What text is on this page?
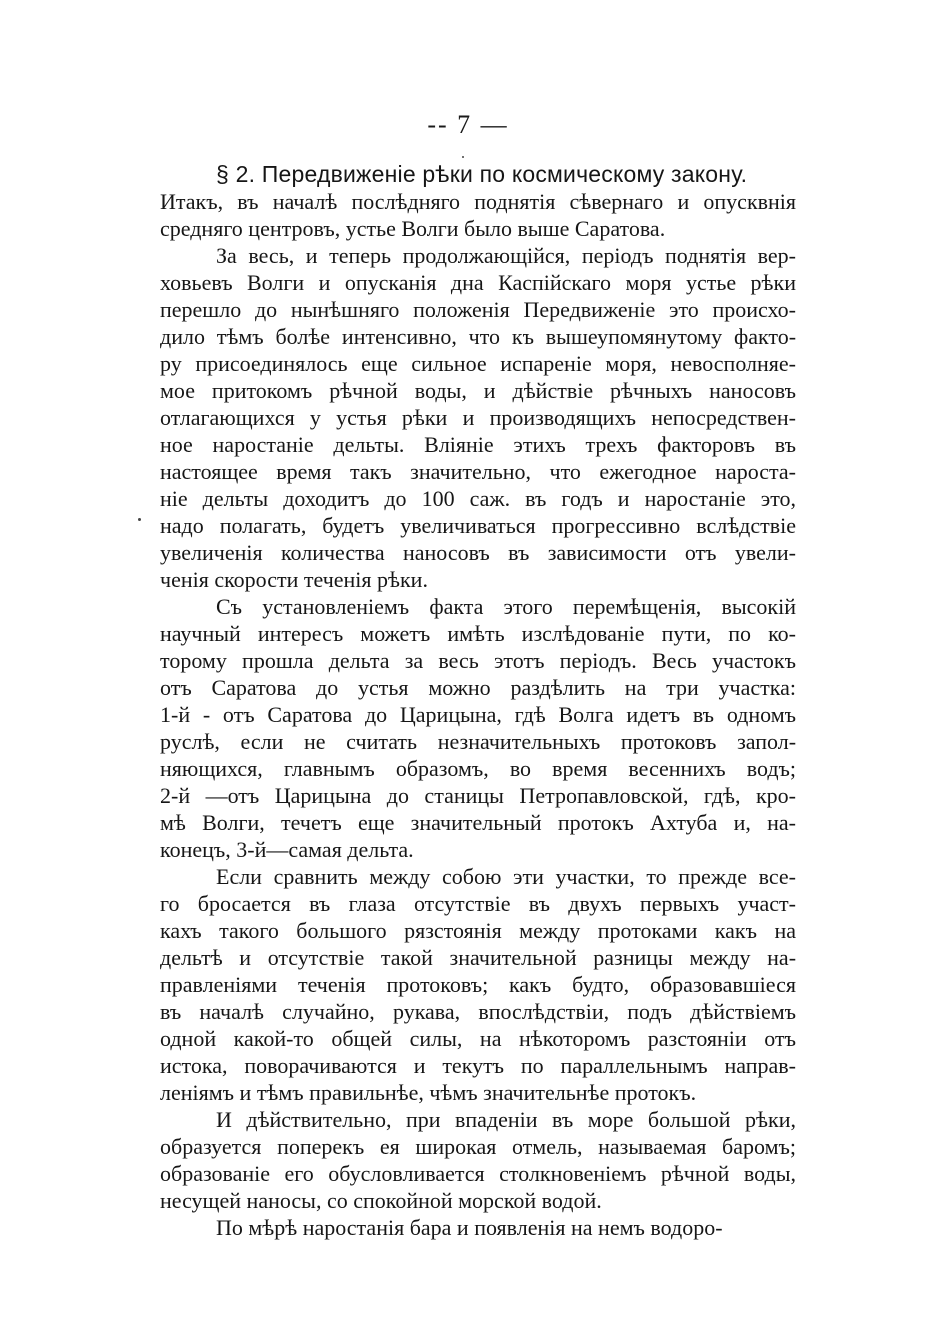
-- 7 —

§ 2. Передвиженіе рѣки по космическому закону.

Итакъ, въ началѣ послѣдняго поднятія сѣвернаго и опусквнія
средняго центровъ, устье Волги было выше Саратова.
За весь, и теперь продолжающійся, періодъ поднятія вер-
ховьевъ Волги и опусканія дна Каспійскаго моря устье рѣки
перешло до нынѣшняго положенія Передвиженіе это происхо-
дило тѣмъ болѣе интенсивно, что къ вышеупомянутому факто-
ру присоединялось еще сильное испареніе моря, невосполняе-
мое притокомъ рѣчной воды, и дѣйствіе рѣчныхъ наносовъ
отлагающихся у устья рѣки и производящихъ непосредствен-
ное наростаніе дельты. Вліяніе этихъ трехъ факторовъ въ
настоящее время такъ значительно, что ежегодное нароста-
ніе дельты доходитъ до 100 саж. въ годъ и наростаніе это,
надо полагать, будетъ увеличиваться прогрессивно вслѣдствіе
увеличенія количества наносовъ въ зависимости отъ увели-
ченія скорости теченія рѣки.
Съ установленіемъ факта этого перемѣщенія, высокій
научный интересъ можетъ имѣть изслѣдованіе пути, по ко-
торому прошла дельта за весь этотъ періодъ. Весь участокъ
отъ Саратова до устья можно раздѣлить на три участка:
1-й - отъ Саратова до Царицына, гдѣ Волга идетъ въ одномъ
руслѣ, если не считать незначительныхъ протоковъ запол-
няющихся, главнымъ образомъ, во время весеннихъ водъ;
2-й —отъ Царицына до станицы Петропавловской, гдѣ, кро-
мѣ Волги, течетъ еще значительный протокъ Ахтуба и, на-
конецъ, 3-й—самая дельта.
Если сравнить между собою эти участки, то прежде все-
го бросается въ глаза отсутствіе въ двухъ первыхъ участ-
кахъ такого большого рязстоянія между протоками какъ на
дельтѣ и отсутствіе такой значительной разницы между на-
правленіями теченія протоковъ; какъ будто, образовавшіеся
въ началѣ случайно, рукава, впослѣдствіи, подъ дѣйствіемъ
одной какой-то общей силы, на нѣкоторомъ разстояніи отъ
истока, поворачиваются и текутъ по параллельнымъ направ-
леніямъ и тѣмъ правильнѣе, чѣмъ значительнѣе протокъ.
И дѣйствительно, при впаденіи въ море большой рѣки,
образуется поперекъ ея широкая отмель, называемая баромъ;
образованіе его обусловливается столкновеніемъ рѣчной воды,
несущей наносы, со спокойной морской водой.
По мѣрѣ наростанія бара и появленія на немъ водоро-
